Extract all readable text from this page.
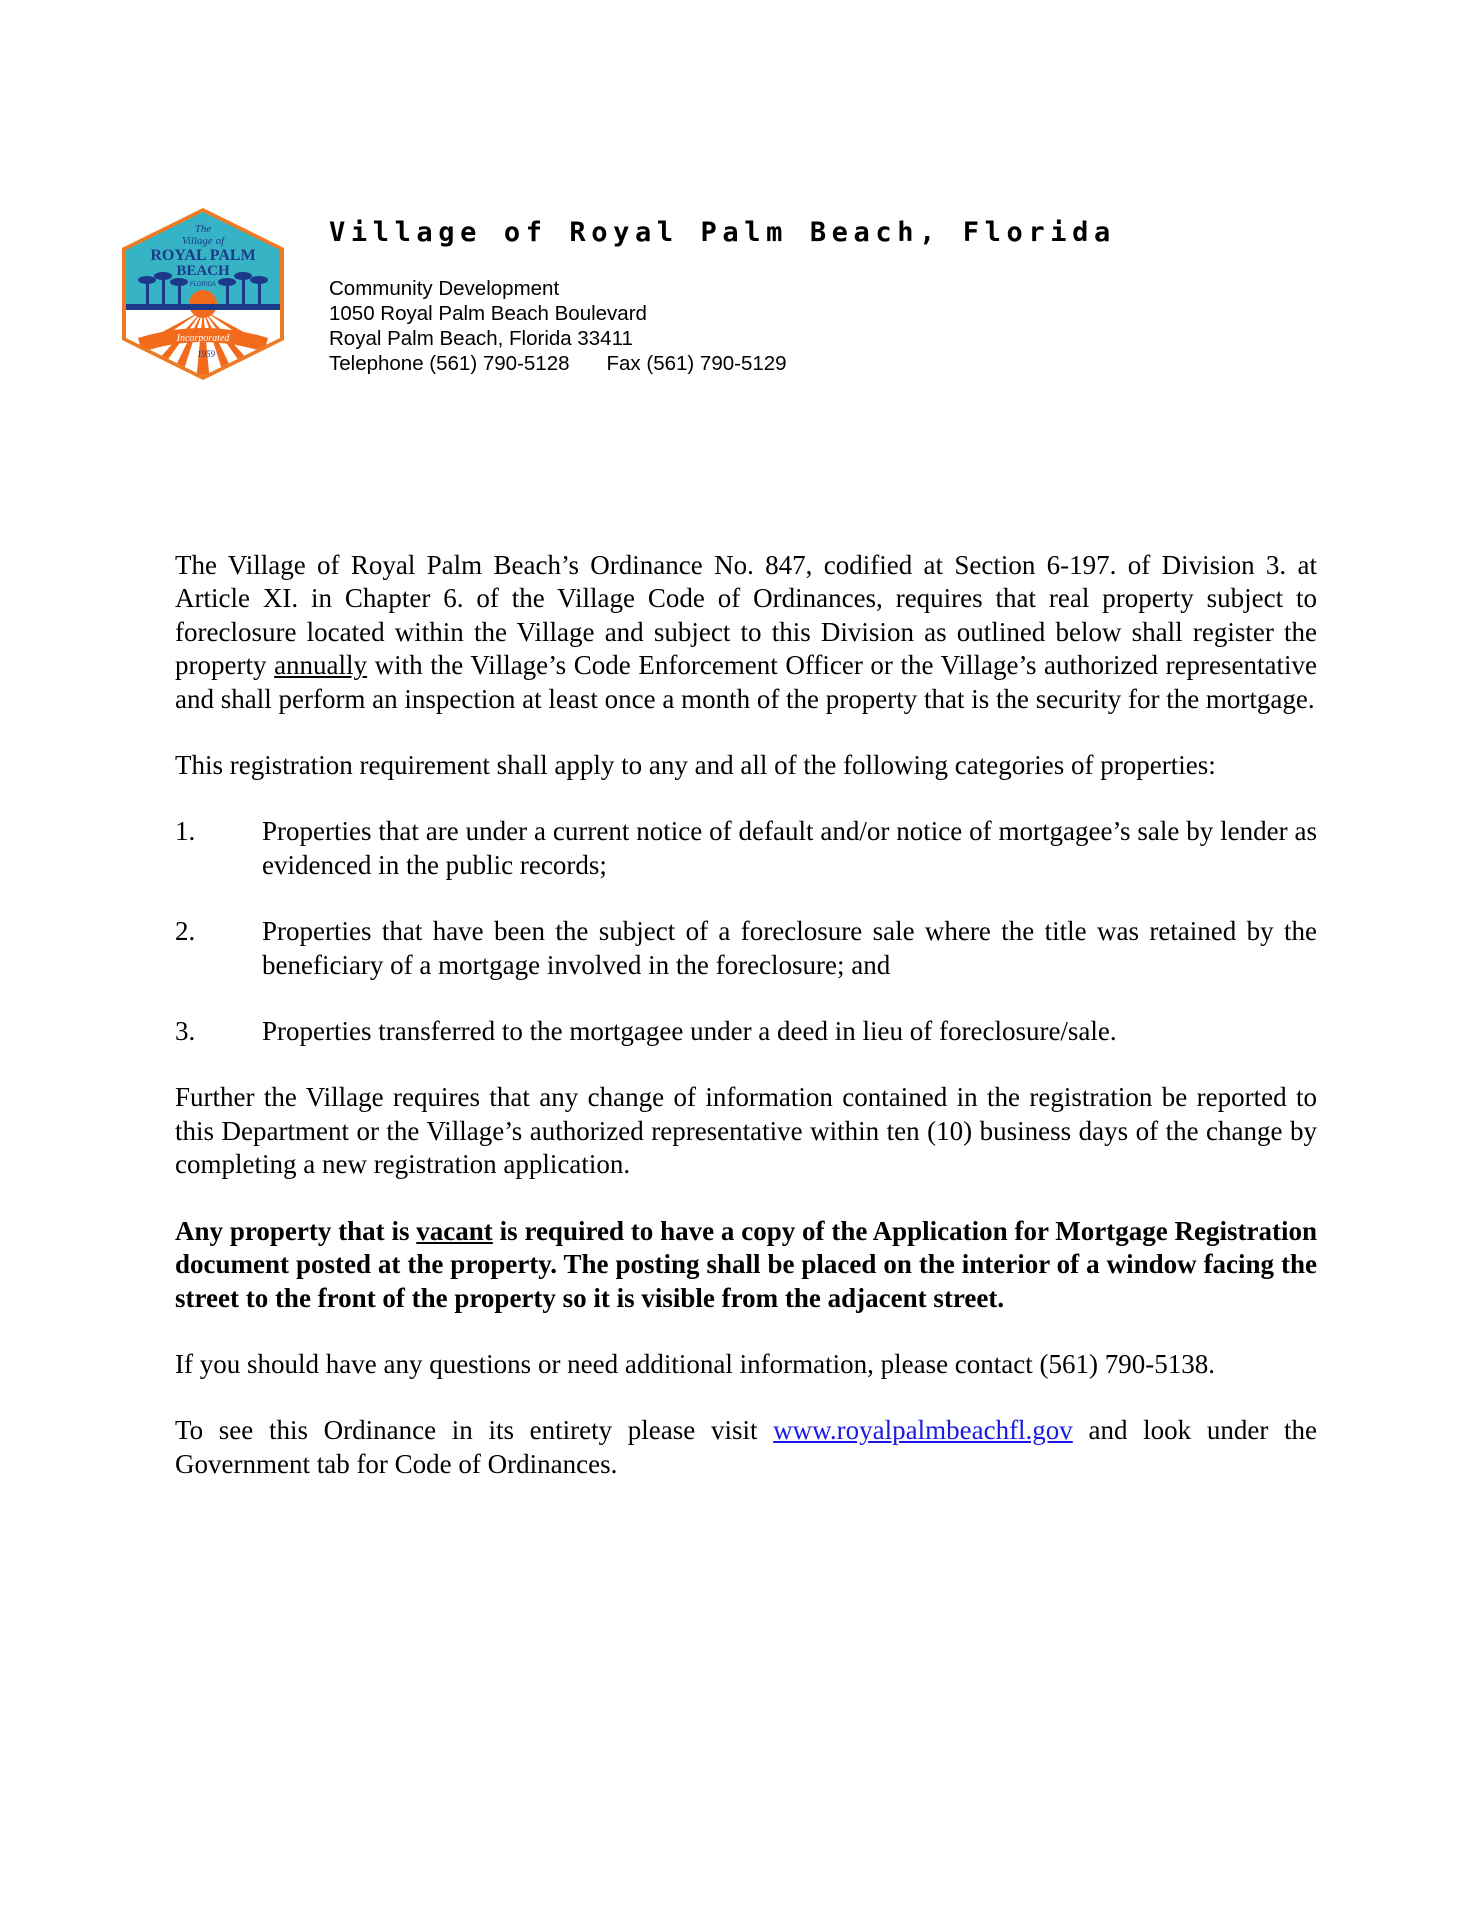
The
Village of
ROYAL PALM
BEACH
FLORIDA
Incorporated
1959
Village of Royal Palm Beach, Florida
Community Development
1050 Royal Palm Beach Boulevard
Royal Palm Beach, Florida 33411
Telephone (561) 790-5128 Fax (561) 790-5129

The Village of Royal Palm Beach’s Ordinance No. 847, codified at Section 6-197. of Division 3. at Article XI. in Chapter 6. of the Village Code of Ordinances, requires that real property subject to foreclosure located within the Village and subject to this Division as outlined below shall register the property annually with the Village’s Code Enforcement Officer or the Village’s authorized representative and shall perform an inspection at least once a month of the property that is the security for the mortgage.

This registration requirement shall apply to any and all of the following categories of properties:

1. Properties that are under a current notice of default and/or notice of mortgagee’s sale by lender as evidenced in the public records;

2. Properties that have been the subject of a foreclosure sale where the title was retained by the beneficiary of a mortgage involved in the foreclosure; and

3. Properties transferred to the mortgagee under a deed in lieu of foreclosure/sale.

Further the Village requires that any change of information contained in the registration be reported to this Department or the Village’s authorized representative within ten (10) business days of the change by completing a new registration application.

Any property that is vacant is required to have a copy of the Application for Mortgage Registration document posted at the property. The posting shall be placed on the interior of a window facing the street to the front of the property so it is visible from the adjacent street.

If you should have any questions or need additional information, please contact (561) 790-5138.

To see this Ordinance in its entirety please visit www.royalpalmbeachfl.gov and look under the Government tab for Code of Ordinances.
